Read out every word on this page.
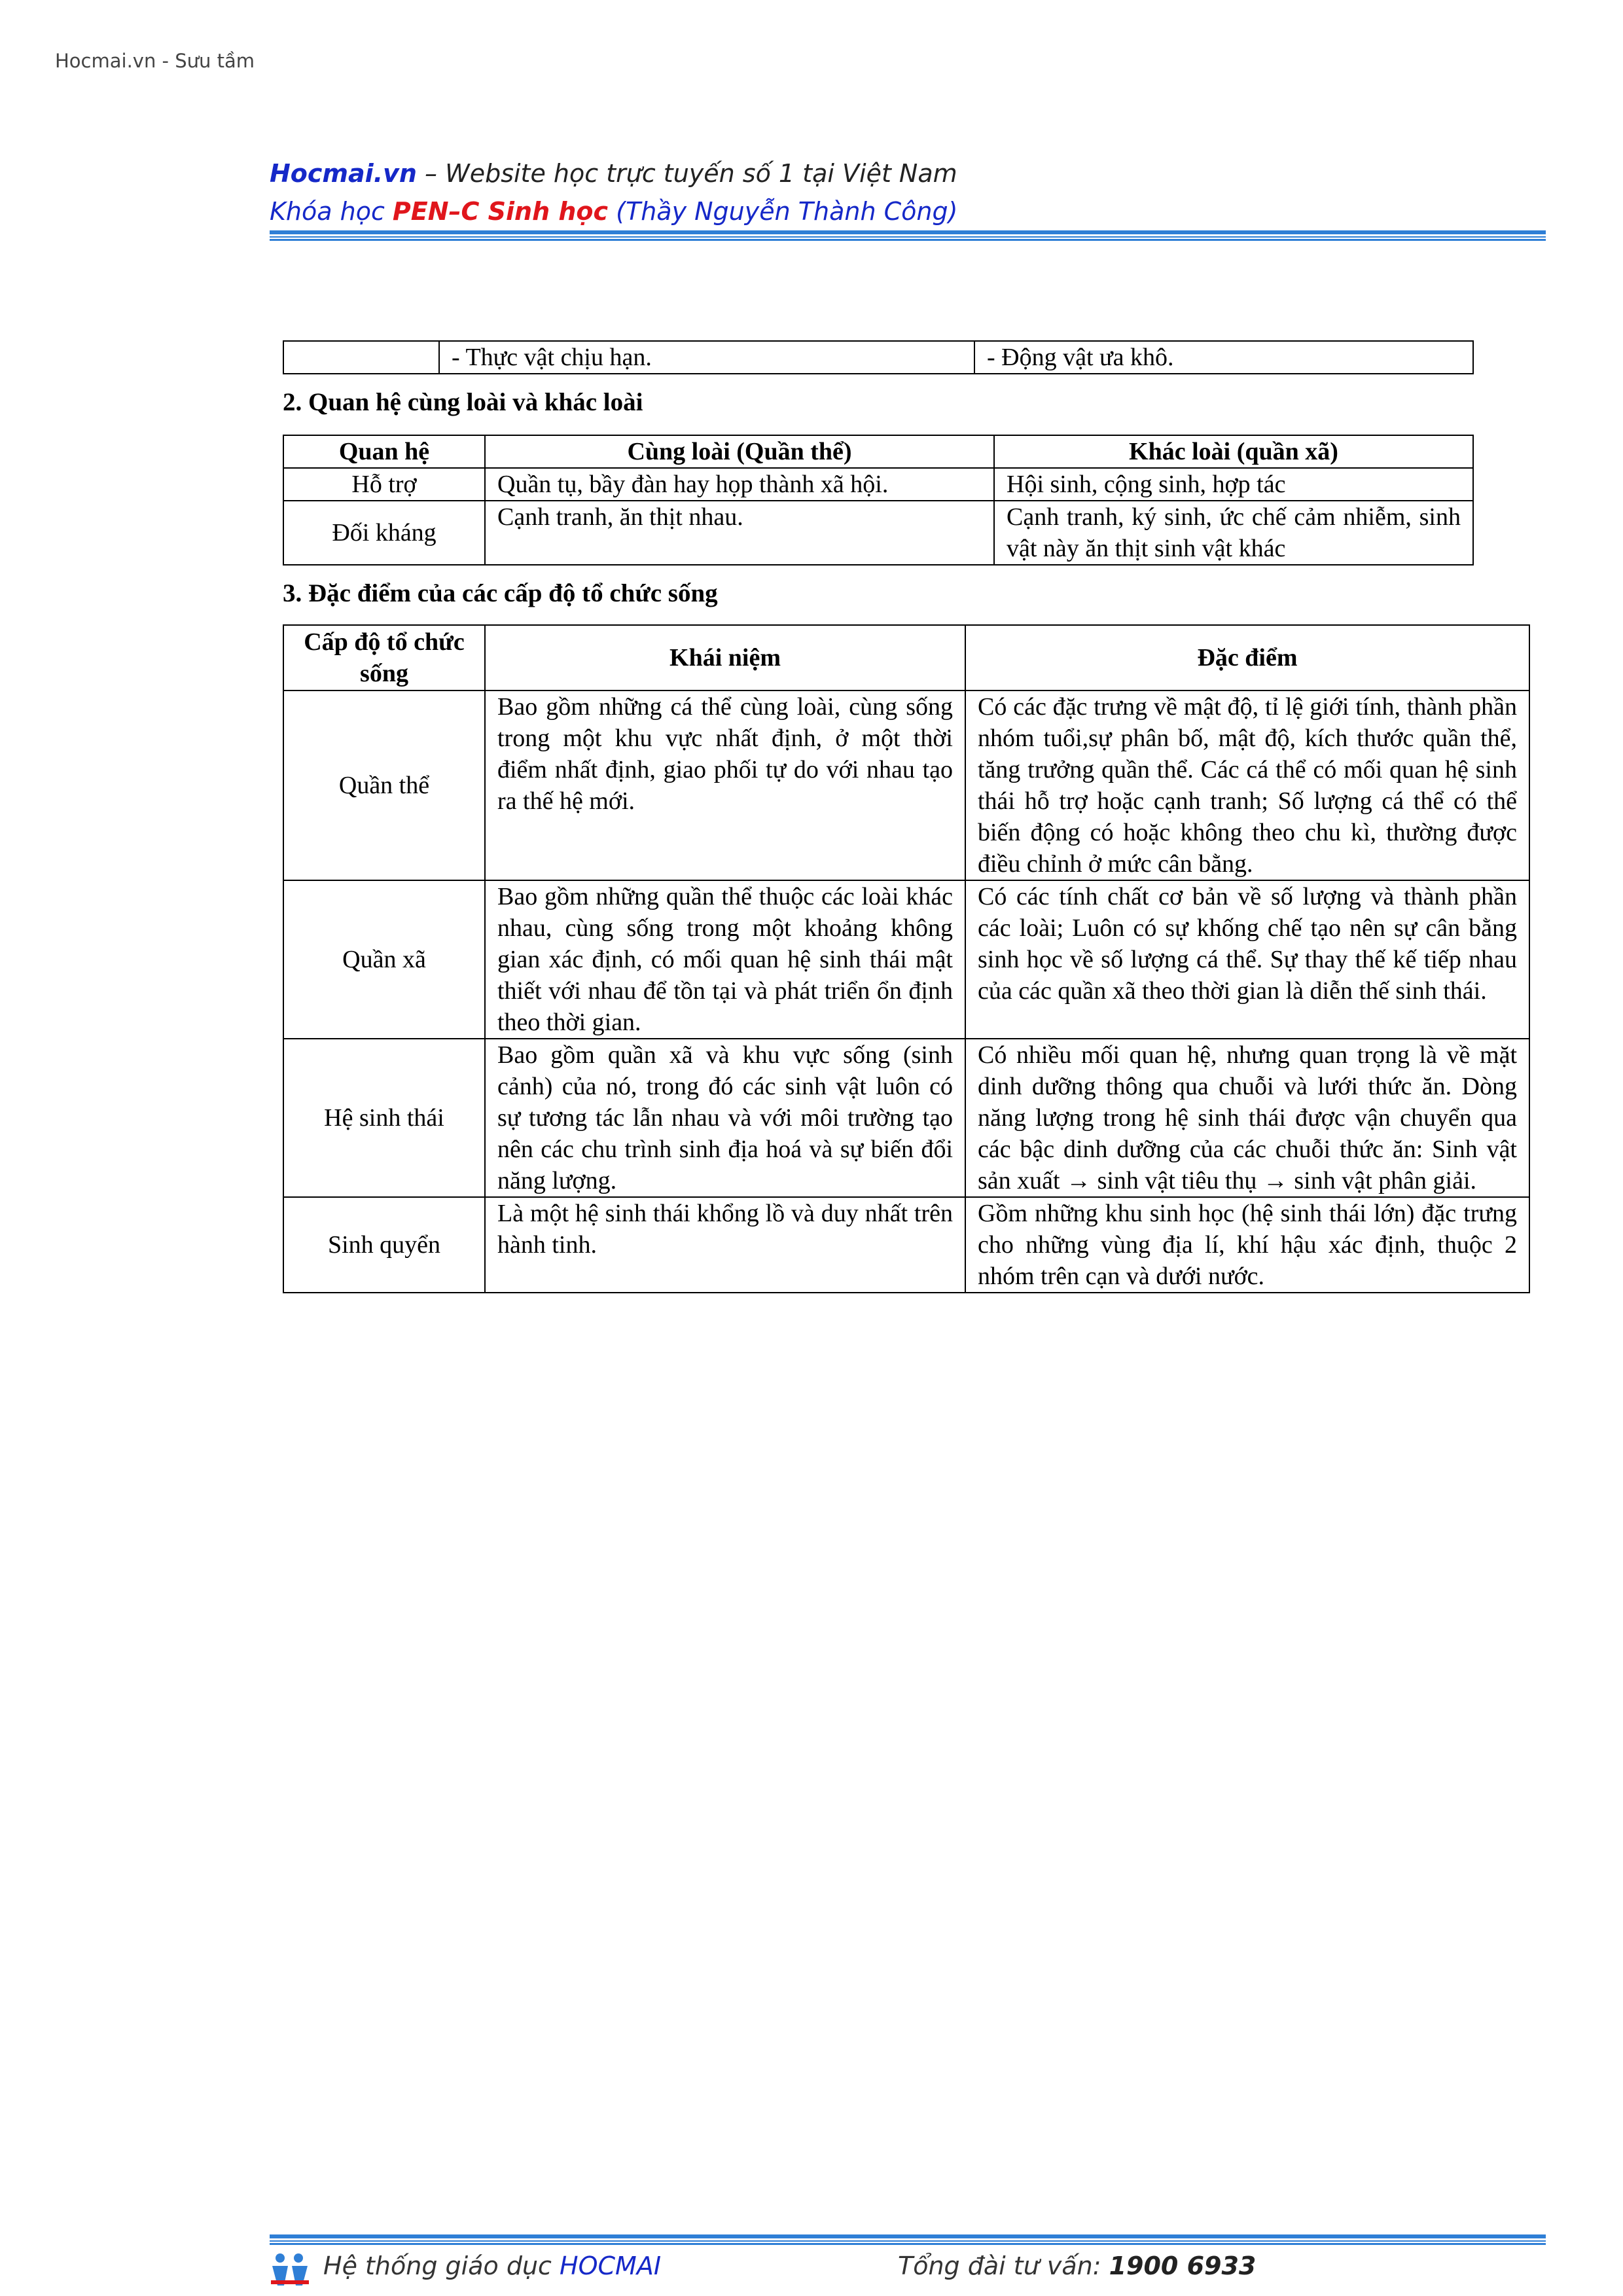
Hocmai.vn - Sưu tầm
Hocmai.vn – Website học trực tuyến số 1 tại Việt Nam
Khóa học PEN–C Sinh học (Thầy Nguyễn Thành Công)
	- Thực vật chịu hạn.	- Động vật ưa khô.
2. Quan hệ cùng loài và khác loài
Quan hệ	Cùng loài (Quần thể)	Khác loài (quần xã)
Hỗ trợ	Quần tụ, bầy đàn hay họp thành xã hội.	Hội sinh, cộng sinh, hợp tác
Đối kháng	Cạnh tranh, ăn thịt nhau.	Cạnh tranh, ký sinh, ức chế cảm nhiễm, sinh vật này ăn thịt sinh vật khác
3. Đặc điểm của các cấp độ tổ chức sống
Cấp độ tổ chức sống	Khái niệm	Đặc điểm
Quần thể	Bao gồm những cá thể cùng loài, cùng sống trong một khu vực nhất định, ở một thời điểm nhất định, giao phối tự do với nhau tạo ra thế hệ mới.	Có các đặc trưng về mật độ, tỉ lệ giới tính, thành phần nhóm tuổi,sự phân bố, mật độ, kích thước quần thể, tăng trưởng quần thể. Các cá thể có mối quan hệ sinh thái hỗ trợ hoặc cạnh tranh; Số lượng cá thể có thể biến động có hoặc không theo chu kì, thường được điều chỉnh ở mức cân bằng.
Quần xã	Bao gồm những quần thể thuộc các loài khác nhau, cùng sống trong một khoảng không gian xác định, có mối quan hệ sinh thái mật thiết với nhau để tồn tại và phát triển ổn định theo thời gian.	Có các tính chất cơ bản về số lượng và thành phần các loài; Luôn có sự khống chế tạo nên sự cân bằng sinh học về số lượng cá thể. Sự thay thế kế tiếp nhau của các quần xã theo thời gian là diễn thế sinh thái.
Hệ sinh thái	Bao gồm quần xã và khu vực sống (sinh cảnh) của nó, trong đó các sinh vật luôn có sự tương tác lẫn nhau và với môi trường tạo nên các chu trình sinh địa hoá và sự biến đổi năng lượng.	Có nhiều mối quan hệ, nhưng quan trọng là về mặt dinh dưỡng thông qua chuỗi và lưới thức ăn. Dòng năng lượng trong hệ sinh thái được vận chuyển qua các bậc dinh dưỡng của các chuỗi thức ăn: Sinh vật sản xuất → sinh vật tiêu thụ → sinh vật phân giải.
Sinh quyển	Là một hệ sinh thái khổng lồ và duy nhất trên hành tinh.	Gồm những khu sinh học (hệ sinh thái lớn) đặc trưng cho những vùng địa lí, khí hậu xác định, thuộc 2 nhóm trên cạn và dưới nước.
Hệ thống giáo dục HOCMAI	Tổng đài tư vấn: 1900 6933
